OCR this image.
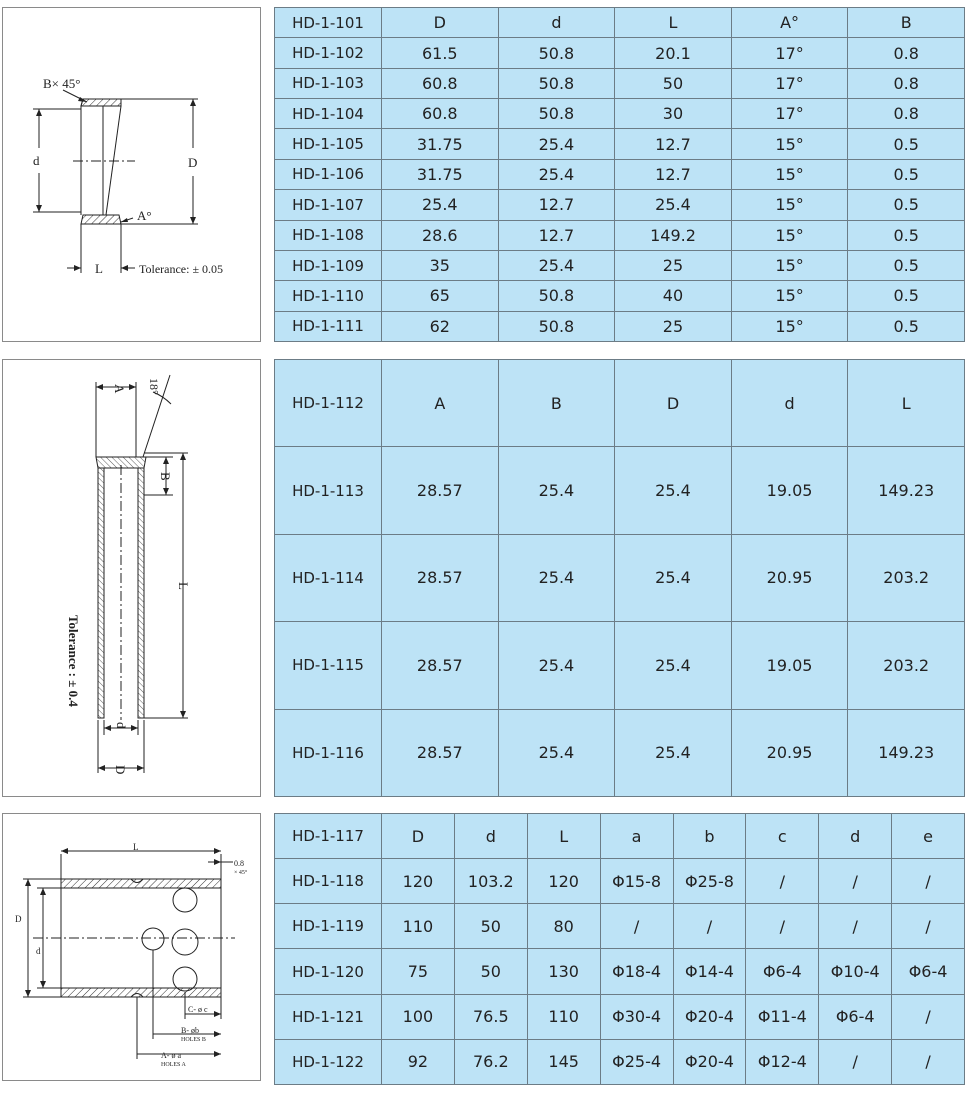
B× 45°
d	D
A°
L	Tolerance: ± 0.05
A 18°
B
L
d
D
Tolerance : ± 0.4
L
0.8
× 45°
D
d
C- ø c
B- øb
HOLES B
A- ø a
HOLES A
HD-1-101	D	d	L	A°	B
HD-1-102	61.5	50.8	20.1	17°	0.8
HD-1-103	60.8	50.8	50	17°	0.8
HD-1-104	60.8	50.8	30	17°	0.8
HD-1-105	31.75	25.4	12.7	15°	0.5
HD-1-106	31.75	25.4	12.7	15°	0.5
HD-1-107	25.4	12.7	25.4	15°	0.5
HD-1-108	28.6	12.7	149.2	15°	0.5
HD-1-109	35	25.4	25	15°	0.5
HD-1-110	65	50.8	40	15°	0.5
HD-1-111	62	50.8	25	15°	0.5
HD-1-112	A	B	D	d	L
HD-1-113	28.57	25.4	25.4	19.05	149.23
HD-1-114	28.57	25.4	25.4	20.95	203.2
HD-1-115	28.57	25.4	25.4	19.05	203.2
HD-1-116	28.57	25.4	25.4	20.95	149.23
HD-1-117	D	d	L	a	b	c	d	e
HD-1-118	120	103.2	120	Φ15-8	Φ25-8	/	/	/
HD-1-119	110	50	80	/	/	/	/	/
HD-1-120	75	50	130	Φ18-4	Φ14-4	Φ6-4	Φ10-4	Φ6-4
HD-1-121	100	76.5	110	Φ30-4	Φ20-4	Φ11-4	Φ6-4	/
HD-1-122	92	76.2	145	Φ25-4	Φ20-4	Φ12-4	/	/
